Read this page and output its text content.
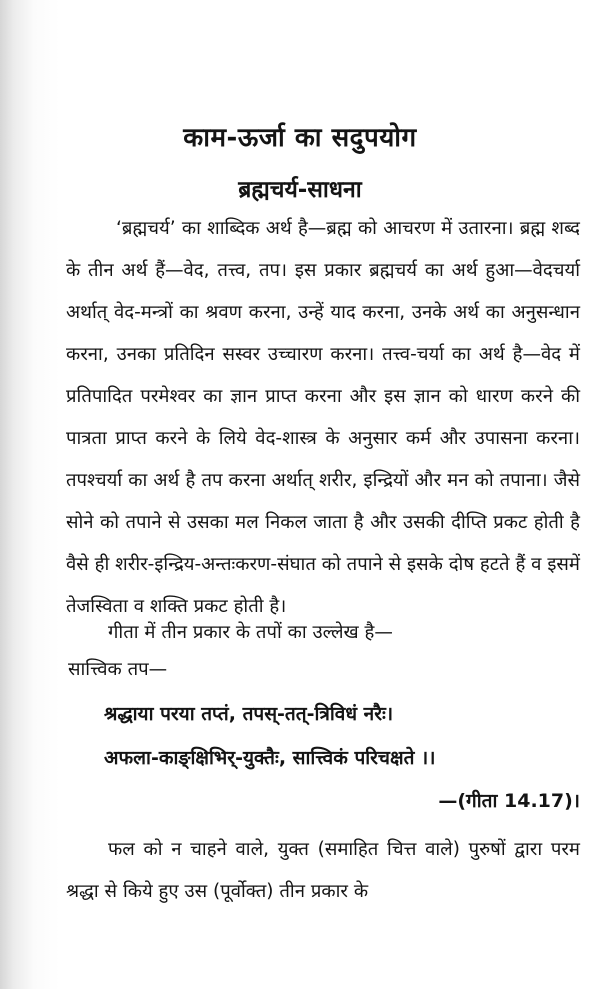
काम-ऊर्जा का सदुपयोग
ब्रह्मचर्य-साधना

‘ब्रह्मचर्य’ का शाब्दिक अर्थ है—ब्रह्म को आचरण में उतारना। ब्रह्म शब्द के तीन अर्थ हैं—वेद, तत्त्व, तप। इस प्रकार ब्रह्मचर्य का अर्थ हुआ—वेदचर्या अर्थात् वेद-मन्त्रों का श्रवण करना, उन्हें याद करना, उनके अर्थ का अनुसन्धान करना, उनका प्रतिदिन सस्वर उच्चारण करना। तत्त्व-चर्या का अर्थ है—वेद में प्रतिपादित परमेश्वर का ज्ञान प्राप्त करना और इस ज्ञान को धारण करने की पात्रता प्राप्त करने के लिये वेद-शास्त्र के अनुसार कर्म और उपासना करना। तपश्चर्या का अर्थ है तप करना अर्थात् शरीर, इन्द्रियों और मन को तपाना। जैसे सोने को तपाने से उसका मल निकल जाता है और उसकी दीप्ति प्रकट होती है वैसे ही शरीर-इन्द्रिय-अन्तःकरण-संघात को तपाने से इसके दोष हटते हैं व इसमें तेजस्विता व शक्ति प्रकट होती है।

गीता में तीन प्रकार के तपों का उल्लेख है—

सात्त्विक तप—

श्रद्धाया परया तप्तं, तपस्-तत्-त्रिविधं नरैः।

अफला-काङ्क्षिभिर्-युक्तैः, सात्त्विकं परिचक्षते ।।

—(गीता 14.17)।

फल को न चाहने वाले, युक्त (समाहित चित्त वाले) पुरुषों द्वारा परम श्रद्धा से किये हुए उस (पूर्वोक्त) तीन प्रकार के
